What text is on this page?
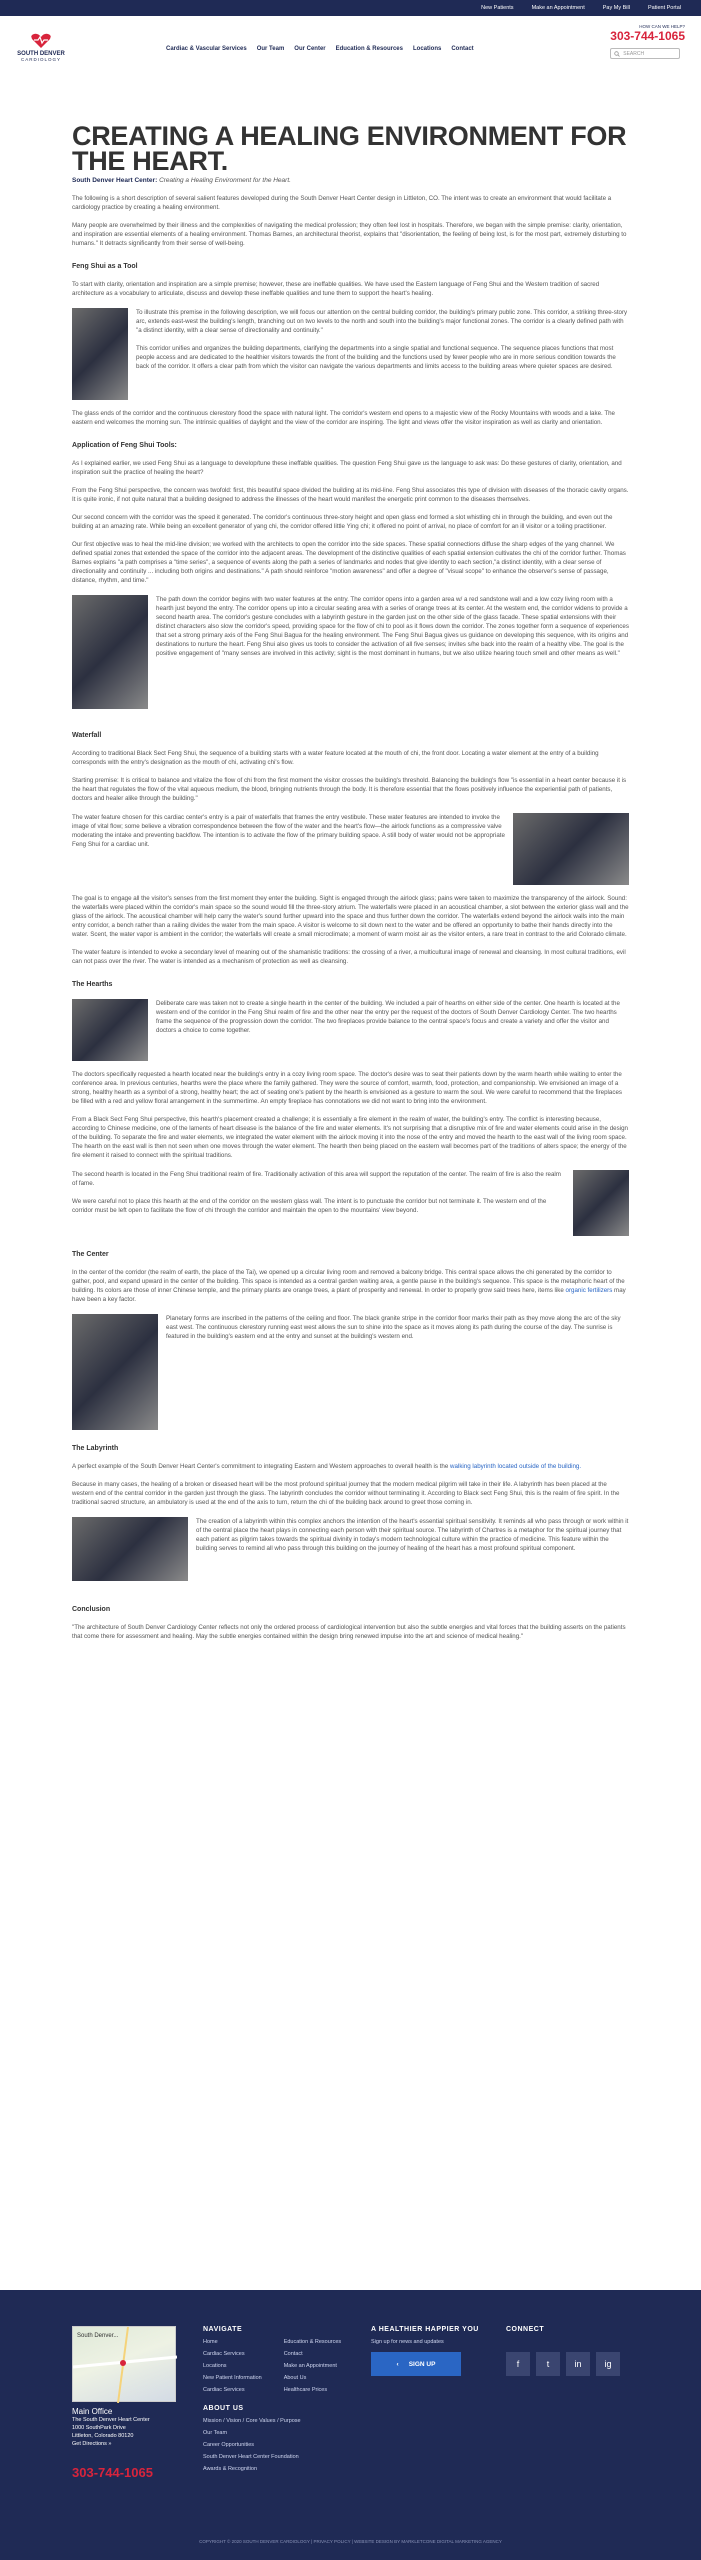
New Patients	Make an Appointment	Pay My Bill	Patient Portal
SOUTH DENVER
CARDIOLOGY
Cardiac & Vascular Services Our Team Our Center Education & Resources Locations Contact
HOW CAN WE HELP?
303-744-1065
SEARCH
CREATING A HEALING ENVIRONMENT FOR THE HEART.
South Denver Heart Center: Creating a Healing Environment for the Heart.

The following is a short description of several salient features developed during the South Denver Heart Center design in Littleton, CO. The intent was to create an environment that would facilitate a cardiology practice by creating a healing environment.

Many people are overwhelmed by their illness and the complexities of navigating the medical profession; they often feel lost in hospitals. Therefore, we began with the simple premise: clarity, orientation, and inspiration are essential elements of a healing environment. Thomas Barnes, an architectural theorist, explains that "disorientation, the feeling of being lost, is for the most part, extremely disturbing to humans." It detracts significantly from their sense of well-being.

Feng Shui as a Tool

To start with clarity, orientation and inspiration are a simple premise; however, these are ineffable qualities. We have used the Eastern language of Feng Shui and the Western tradition of sacred architecture as a vocabulary to articulate, discuss and develop these ineffable qualities and tune them to support the heart's healing.

To illustrate this premise in the following description, we will focus our attention on the central building corridor, the building's primary public zone. This corridor, a striking three-story arc, extends east-west the building's length, branching out on two levels to the north and south into the building's major functional zones. The corridor is a clearly defined path with "a distinct identity, with a clear sense of directionality and continuity."

This corridor unifies and organizes the building departments, clarifying the departments into a single spatial and functional sequence. The sequence places functions that most people access and are dedicated to the healthier visitors towards the front of the building and the functions used by fewer people who are in more serious condition towards the back of the corridor. It offers a clear path from which the visitor can navigate the various departments and limits access to the building areas where quieter spaces are desired.

The glass ends of the corridor and the continuous clerestory flood the space with natural light. The corridor's western end opens to a majestic view of the Rocky Mountains with woods and a lake. The eastern end welcomes the morning sun. The intrinsic qualities of daylight and the view of the corridor are inspiring. The light and views offer the visitor inspiration as well as clarity and orientation.

Application of Feng Shui Tools:

As I explained earlier, we used Feng Shui as a language to develop/tune these ineffable qualities. The question Feng Shui gave us the language to ask was: Do these gestures of clarity, orientation, and inspiration suit the practice of healing the heart?

From the Feng Shui perspective, the concern was twofold: first, this beautiful space divided the building at its mid-line. Feng Shui associates this type of division with diseases of the thoracic cavity organs. It is quite ironic, if not quite natural that a building designed to address the illnesses of the heart would manifest the energetic print common to the diseases themselves.

Our second concern with the corridor was the speed it generated. The corridor's continuous three-story height and open glass end formed a slot whistling chi in through the building, and even out the building at an amazing rate. While being an excellent generator of yang chi, the corridor offered little Ying chi; it offered no point of arrival, no place of comfort for an ill visitor or a toiling practitioner.

Our first objective was to heal the mid-line division; we worked with the architects to open the corridor into the side spaces. These spatial connections diffuse the sharp edges of the yang channel. We defined spatial zones that extended the space of the corridor into the adjacent areas. The development of the distinctive qualities of each spatial extension cultivates the chi of the corridor further. Thomas Barnes explains "a path comprises a "time series", a sequence of events along the path a series of landmarks and nodes that give identity to each section,"a distinct identity, with a clear sense of directionality and continuity ... including both origins and destinations." A path should reinforce "motion awareness" and offer a degree of "visual scope" to enhance the observer's sense of passage, distance, rhythm, and time."

The path down the corridor begins with two water features at the entry. The corridor opens into a garden area w/ a red sandstone wall and a low cozy living room with a hearth just beyond the entry. The corridor opens up into a circular seating area with a series of orange trees at its center. At the western end, the corridor widens to provide a second hearth area. The corridor's gesture concludes with a labyrinth gesture in the garden just on the other side of the glass facade. These spatial extensions with their distinct characters also slow the corridor's speed, providing space for the flow of chi to pool as it flows down the corridor. The zones together form a sequence of experiences that set a strong primary axis of the Feng Shui Bagua for the healing environment. The Feng Shui Bagua gives us guidance on developing this sequence, with its origins and destinations to nurture the heart. Feng Shui also gives us tools to consider the activation of all five senses; invites s/he back into the realm of a healthy vibe. The goal is the positive engagement of "many senses are involved in this activity; sight is the most dominant in humans, but we also utilize hearing touch smell and other means as well."

Waterfall

According to traditional Black Sect Feng Shui, the sequence of a building starts with a water feature located at the mouth of chi, the front door. Locating a water element at the entry of a building corresponds with the entry's designation as the mouth of chi, activating chi's flow.

Starting premise: It is critical to balance and vitalize the flow of chi from the first moment the visitor crosses the building's threshold. Balancing the building's flow "is essential in a heart center because it is the heart that regulates the flow of the vital aqueous medium, the blood, bringing nutrients through the body. It is therefore essential that the flows positively influence the experiential path of patients, doctors and healer alike through the building."

The water feature chosen for this cardiac center's entry is a pair of waterfalls that frames the entry vestibule. These water features are intended to invoke the image of vital flow; some believe a vibration correspondence between the flow of the water and the heart's flow—the airlock functions as a compressive valve moderating the intake and preventing backflow. The intention is to activate the flow of the primary building space. A still body of water would not be appropriate Feng Shui for a cardiac unit.

The goal is to engage all the visitor's senses from the first moment they enter the building. Sight is engaged through the airlock glass; pains were taken to maximize the transparency of the airlock. Sound: the waterfalls were placed within the corridor's main space so the sound would fill the three-story atrium. The waterfalls were placed in an acoustical chamber, a slot between the exterior glass wall and the glass of the airlock. The acoustical chamber will help carry the water's sound further upward into the space and thus further down the corridor. The waterfalls extend beyond the airlock walls into the main entry corridor, a bench rather than a railing divides the water from the main space. A visitor is welcome to sit down next to the water and be offered an opportunity to bathe their hands directly into the water. Scent, the water vapor is ambient in the corridor; the waterfalls will create a small microclimate; a moment of warm moist air as the visitor enters, a rare treat in contrast to the arid Colorado climate.

The water feature is intended to evoke a secondary level of meaning out of the shamanistic traditions: the crossing of a river, a multicultural image of renewal and cleansing. In most cultural traditions, evil can not pass over the river. The water is intended as a mechanism of protection as well as cleansing.

The Hearths

Deliberate care was taken not to create a single hearth in the center of the building. We included a pair of hearths on either side of the center. One hearth is located at the western end of the corridor in the Feng Shui realm of fire and the other near the entry per the request of the doctors of South Denver Cardiology Center. The two hearths frame the sequence of the progression down the corridor. The two fireplaces provide balance to the central space's focus and create a variety and offer the visitor and doctors a choice to come together.

The doctors specifically requested a hearth located near the building's entry in a cozy living room space. The doctor's desire was to seat their patients down by the warm hearth while waiting to enter the conference area. In previous centuries, hearths were the place where the family gathered. They were the source of comfort, warmth, food, protection, and companionship. We envisioned an image of a strong, healthy hearth as a symbol of a strong, healthy heart; the act of seating one's patient by the hearth is envisioned as a gesture to warm the soul. We were careful to recommend that the fireplaces be filled with a red and yellow floral arrangement in the summertime. An empty fireplace has connotations we did not want to bring into the environment.

From a Black Sect Feng Shui perspective, this hearth's placement created a challenge; it is essentially a fire element in the realm of water, the building's entry. The conflict is interesting because, according to Chinese medicine, one of the laments of heart disease is the balance of the fire and water elements. It's not surprising that a disruptive mix of fire and water elements could arise in the design of the building. To separate the fire and water elements, we integrated the water element with the airlock moving it into the nose of the entry and moved the hearth to the east wall of the living room space. The hearth on the east wall is then not seen when one moves through the water element. The hearth then being placed on the eastern wall becomes part of the traditions of alters space; the energy of the fire element it raised to connect with the spiritual traditions.

The second hearth is located in the Feng Shui traditional realm of fire. Traditionally activation of this area will support the reputation of the center. The realm of fire is also the realm of fame.

We were careful not to place this hearth at the end of the corridor on the western glass wall. The intent is to punctuate the corridor but not terminate it. The western end of the corridor must be left open to facilitate the flow of chi through the corridor and maintain the open to the mountains' view beyond.

The Center

In the center of the corridor (the realm of earth, the place of the Tai), we opened up a circular living room and removed a balcony bridge. This central space allows the chi generated by the corridor to gather, pool, and expand upward in the center of the building. This space is intended as a central garden waiting area, a gentle pause in the building's sequence. This space is the metaphoric heart of the building. Its colors are those of inner Chinese temple, and the primary plants are orange trees, a plant of prosperity and renewal. In order to properly grow said trees here, items like organic fertilizers may have been a key factor.

Planetary forms are inscribed in the patterns of the ceiling and floor. The black granite stripe in the corridor floor marks their path as they move along the arc of the sky east west. The continuous clerestory running east west allows the sun to shine into the space as it moves along its path during the course of the day. The sunrise is featured in the building's eastern end at the entry and sunset at the building's western end.

The Labyrinth

A perfect example of the South Denver Heart Center's commitment to integrating Eastern and Western approaches to overall health is the walking labyrinth located outside of the building.

Because in many cases, the healing of a broken or diseased heart will be the most profound spiritual journey that the modern medical pilgrim will take in their life. A labyrinth has been placed at the western end of the central corridor in the garden just through the glass. The labyrinth concludes the corridor without terminating it. According to Black sect Feng Shui, this is the realm of fire spirit. In the traditional sacred structure, an ambulatory is used at the end of the axis to turn, return the chi of the building back around to greet those coming in.

The creation of a labyrinth within this complex anchors the intention of the heart's essential spiritual sensitivity. It reminds all who pass through or work within it of the central place the heart plays in connecting each person with their spiritual source. The labyrinth of Chartres is a metaphor for the spiritual journey that each patient as pilgrim takes towards the spiritual divinity in today's modern technological culture within the practice of medicine. This feature within the building serves to remind all who pass through this building on the journey of healing of the heart has a most profound spiritual component.

Conclusion

"The architecture of South Denver Cardiology Center reflects not only the ordered process of cardiological intervention but also the subtle energies and vital forces that the building asserts on the patients that come there for assessment and healing. May the subtle energies contained within the design bring renewed impulse into the art and science of medical healing."

South Denver...
Main Office
The South Denver Heart Center
1000 SouthPark Drive
Littleton, Colorado 80120
Get Directions »
303-744-1065
NAVIGATE
Home
Cardiac Services
Locations
New Patient Information
Cardiac Services
Education & Resources
Contact
Make an Appointment
About Us
Healthcare Prices
ABOUT US
Mission / Vision / Core Values / Purpose
Our Team
Career Opportunities
South Denver Heart Center Foundation
Awards & Recognition
A HEALTHIER HAPPIER YOU
Sign up for news and updates
‹ SIGN UP
CONNECT
f	t	in	ig
COPYRIGHT © 2020 SOUTH DENVER CARDIOLOGY | PRIVACY POLICY | WEBSITE DESIGN BY MARKLETCONE DIGITAL MARKETING AGENCY
